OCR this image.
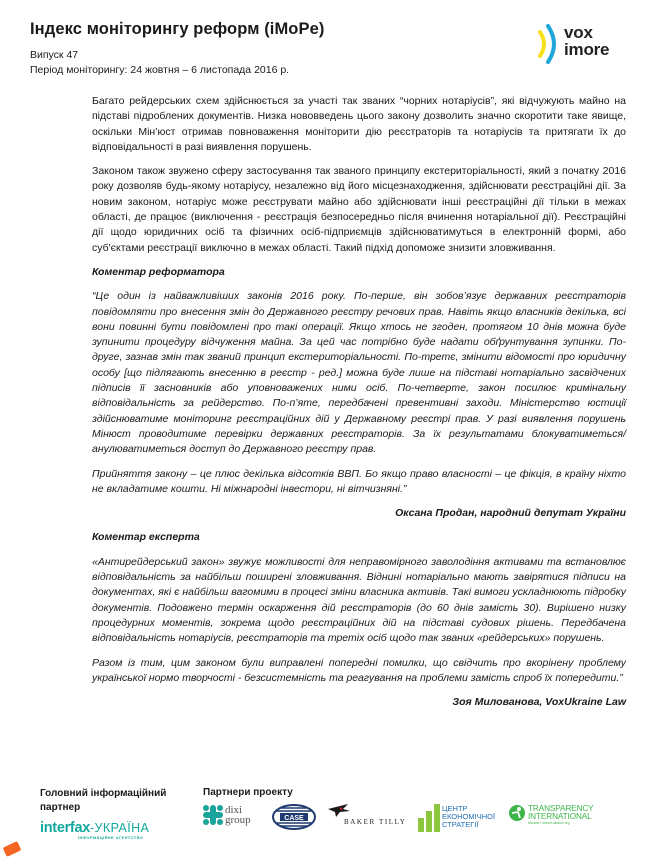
Індекс моніторингу реформ (iMoPe)
Випуск 47
Період моніторингу: 24 жовтня – 6 листопада 2016 р.
vox
imore

Багато рейдерських схем здійснюється за участі так званих “чорних нотаріусів”, які відчужують майно на підставі підроблених документів. Низка нововведень цього закону дозволить значно скоротити таке явище, оскільки Мін’юст отримав повноваження моніторити дію реєстраторів та нотаріусів та притягати їх до відповідальності в разі виявлення порушень.

Законом також звужено сферу застосування так званого принципу екстериторіальності, який з початку 2016 року дозволяв будь-якому нотаріусу, незалежно від його місцезнаходження, здійснювати реєстраційні дії. За новим законом, нотаріус може реєструвати майно або здійснювати інші реєстраційні дії тільки в межах області, де працює (виключення - реєстрація безпосередньо після вчинення нотаріальної дії). Реєстраційні дії щодо юридичних осіб та фізичних осіб-підприємців здійснюватимуться в електронній формі, або суб'єктами реєстрації виключно в межах області. Такий підхід допоможе знизити зловживання.

Коментар реформатора

“Це один із найважливіших законів 2016 року. По-перше, він зобов’язує державних реєстраторів повідомляти про внесення змін до Державного реєстру речових прав. Навіть якщо власників декілька, всі вони повинні бути повідомлені про такі операції. Якщо хтось не згоден, протягом 10 днів можна буде зупинити процедуру відчуження майна. За цей час потрібно буде надати обґрунтування зупинки. По-друге, зазнав змін так званий принцип екстериторіальності. По-третє, змінити відомості про юридичну особу [що підлягають внесенню в реєстр - ред.] можна буде лише на підставі нотаріально засвідчених підписів її засновників або уповноважених ними осіб. По-четверте, закон посилює кримінальну відповідальність за рейдерство. По-п’яте, передбачені превентивні заходи. Міністерство юстиції здійснюватиме моніторинг реєстраційних дій у Державному реєстрі прав. У разі виявлення порушень Мінюст проводитиме перевірки державних реєстраторів. За їх результатами блокуватиметься/анулюватиметься доступ до Державного реєстру прав.

Прийняття закону – це плюс декілька відсотків ВВП. Бо якщо право власності – це фікція, в країну ніхто не вкладатиме кошти. Ні міжнародні інвестори, ні вітчизняні.”

Оксана Продан, народний депутат України
Коментар експерта

«Антирейдерський закон» звужує можливості для неправомірного заволодіння активами та встановлює відповідальність за найбільш поширені зловживання. Віднині нотаріально мають завірятися підписи на документах, які є найбільш вагомими в процесі зміни власника активів. Такі вимоги ускладнюють підробку документів. Подовжено термін оскарження дій реєстраторів (до 60 днів замість 30). Вирішено низку процедурних моментів, зокрема щодо реєстраційних дій на підставі судових рішень. Передбачена відповідальність нотаріусів, реєстраторів та третіх осіб щодо так званих «рейдерських» порушень.

Разом із тим, цим законом були виправлені попередні помилки, що свідчить про вкорінену проблему української нормо творчості - безсистемність та реагування на проблеми замість спроб їх попередити.”

Зоя Милованова, VoxUkraine Law
Головний інформаційний партнер
Партнери проекту
interfax-УКРАЇНА
ІНФОРМАЦІЙНЕ АГЕНТСТВО
dixi
group	CASE	BAKER TILLY
ЦЕНТР
ЕКОНОМІЧНОЇ
СТРАТЕГІЇ
TRANSPARENCY
INTERNATIONAL
Ukraine • www.ti-ukraine.org
